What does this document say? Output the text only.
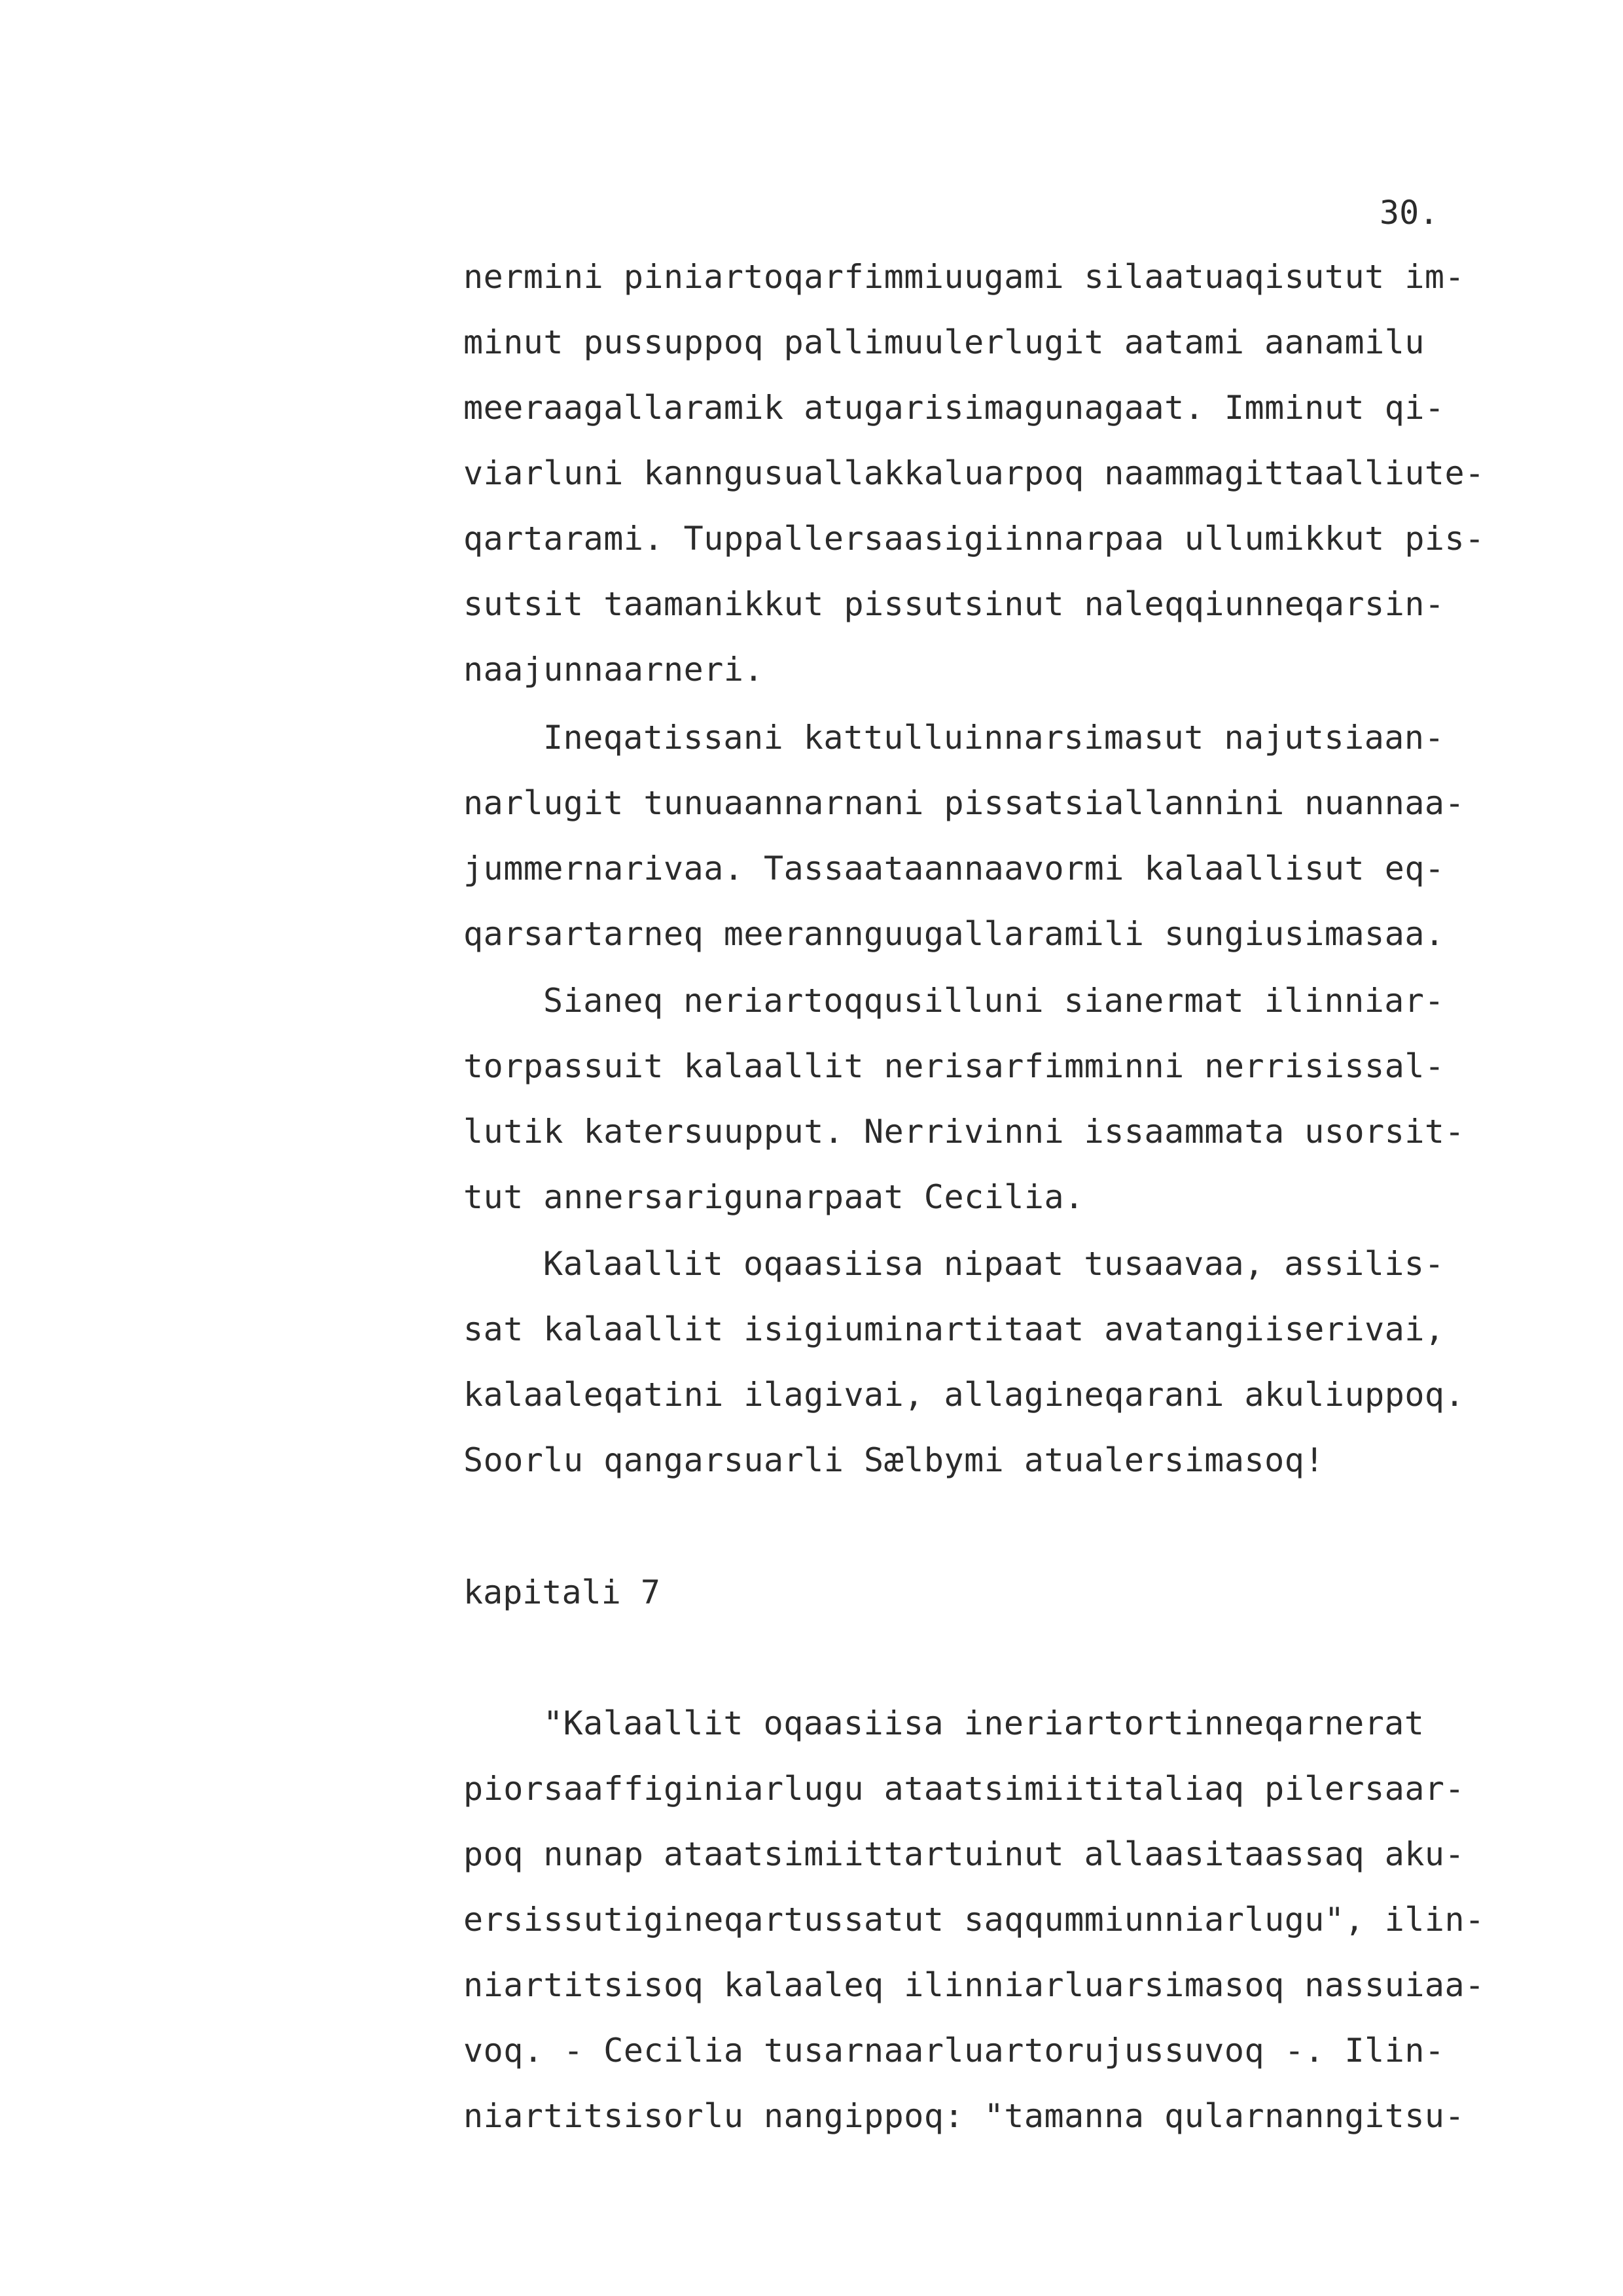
30.
nermini piniartoqarfimmiuugami silaatuaqisutut im-
minut pussuppoq pallimuulerlugit aatami aanamilu
meeraagallaramik atugarisimagunagaat. Imminut qi-
viarluni kanngusuallakkaluarpoq naammagittaalliute-
qartarami. Tuppallersaasigiinnarpaa ullumikkut pis-
sutsit taamanikkut pissutsinut naleqqiunneqarsin-
naajunnaarneri.
Ineqatissani kattulluinnarsimasut najutsiaan-
narlugit tunuaannarnani pissatsiallannini nuannaa-
jummernarivaa. Tassaataannaavormi kalaallisut eq-
qarsartarneq meerannguugallaramili sungiusimasaa.
Sianeq neriartoqqusilluni sianermat ilinniar-
torpassuit kalaallit nerisarfimminni nerrisissal-
lutik katersuupput. Nerrivinni issaammata usorsit-
tut annersarigunarpaat Cecilia.
Kalaallit oqaasiisa nipaat tusaavaa, assilis-
sat kalaallit isigiuminartitaat avatangiiserivai,
kalaaleqatini ilagivai, allagineqarani akuliuppoq.
Soorlu qangarsuarli Sælbymi atualersimasoq!
kapitali 7
"Kalaallit oqaasiisa ineriartortinneqarnerat
piorsaaffiginiarlugu ataatsimiititaliaq pilersaar-
poq nunap ataatsimiittartuinut allaasitaassaq aku-
ersissutigineqartussatut saqqummiunniarlugu", ilin-
niartitsisoq kalaaleq ilinniarluarsimasoq nassuiaa-
voq. - Cecilia tusarnaarluartorujussuvoq -. Ilin-
niartitsisorlu nangippoq: "tamanna qularnanngitsu-
